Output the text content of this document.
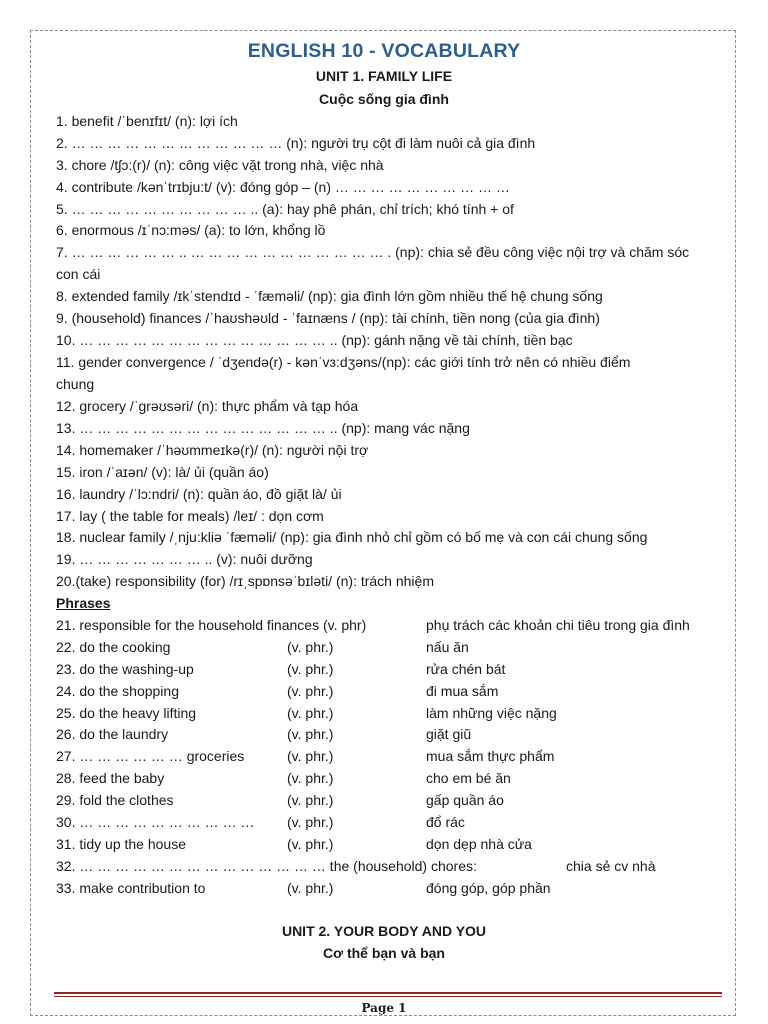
ENGLISH 10 - VOCABULARY
UNIT 1. FAMILY LIFE
Cuộc sống gia đình
1. benefit /ˈbenɪfɪt/ (n): lợi ích
2. … … … … … … … … … … … … (n): người trụ cột đi làm nuôi cả gia đình
3. chore /tʃɔ:(r)/ (n): công việc vặt trong nhà, việc nhà
4. contribute /kənˈtrɪbju:t/ (v): đóng góp – (n) … … … … … … … … … …
5. … … … … … … … … … … .. (a): hay phê phán, chỉ trích; khó tính + of
6. enormous /ɪˈnɔ:məs/ (a): to lớn, khổng lồ
7. … … … … … … .. … … … … … … … … … … … . (np): chia sẻ đều công việc nội trợ và chăm sóc
con cái
8. extended family /ɪkˈstendɪd - ˈfæməli/ (np): gia đình lớn gồm nhiều thế hệ chung sống
9. (household) finances /ˈhaʊshəʊld - ˈfaɪnæns / (np): tài chính, tiền nong (của gia đình)
10. … … … … … … … … … … … … … … .. (np): gánh nặng về tài chính, tiền bạc
11. gender convergence / ˈdʒendə(r) - kənˈvɜ:dʒəns/(np): các giới tính trở nên có nhiều điểm
chung
12. grocery /ˈɡrəʊsəri/ (n): thực phẩm và tạp hóa
13. … … … … … … … … … … … … … … .. (np): mang vác nặng
14. homemaker /ˈhəʊmmeɪkə(r)/ (n): người nội trợ
15. iron /ˈaɪən/ (v): là/ ủi (quần áo)
16. laundry /ˈlɔ:ndri/ (n): quần áo, đồ giặt là/ ủi
17. lay ( the table for meals) /leɪ/ : dọn cơm
18. nuclear family /ˌnju:kliə ˈfæməli/ (np): gia đình nhỏ chỉ gồm có bố mẹ và con cái chung sống
19. … … … … … … … .. (v): nuôi dưỡng
20.(take) responsibility (for) /rɪˌspɒnsəˈbɪləti/ (n): trách nhiệm
Phrases
21. responsible for the household finances (v. phr)	phụ trách các khoản chi tiêu trong gia đình
22. do the cooking	(v. phr.)	nấu ăn
23. do the washing-up	(v. phr.)	rửa chén bát
24. do the shopping	(v. phr.)	đi mua sắm
25. do the heavy lifting	(v. phr.)	làm những việc nặng
26. do the laundry	(v. phr.)	giặt giũ
27. … … … … … … groceries	(v. phr.)	mua sắm thực phẩm
28. feed the baby	(v. phr.)	cho em bé ăn
29. fold the clothes	(v. phr.)	gấp quần áo
30. … … … … … … … … … … (v. phr.)	đổ rác
31. tidy up the house	(v. phr.)	dọn dẹp nhà cửa
32. … … … … … … … … … … … … … … the (household) chores:	chia sẻ cv nhà
33. make contribution to	(v. phr.)	đóng góp, góp phần
UNIT 2. YOUR BODY AND YOU
Cơ thể bạn và bạn
Page 1
